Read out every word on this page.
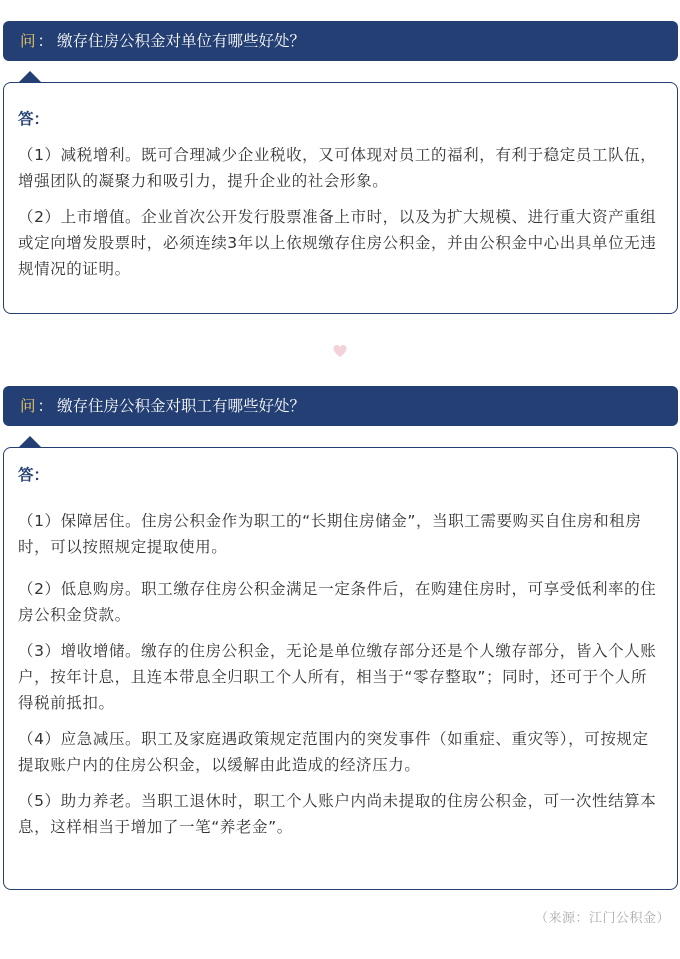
问 ： 缴存住房公积金对单位有哪些好处？
答：

（1）减税增利。既可合理减少企业税收，又可体现对员工的福利，有利于稳定员工队伍，增强团队的凝聚力和吸引力，提升企业的社会形象。

（2）上市增值。企业首次公开发行股票准备上市时，以及为扩大规模、进行重大资产重组或定向增发股票时，必须连续3年以上依规缴存住房公积金，并由公积金中心出具单位无违规情况的证明。

问 ： 缴存住房公积金对职工有哪些好处？
答：

（1）保障居住。住房公积金作为职工的“长期住房储金”，当职工需要购买自住房和租房时，可以按照规定提取使用。

（2）低息购房。职工缴存住房公积金满足一定条件后，在购建住房时，可享受低利率的住房公积金贷款。

（3）增收增储。缴存的住房公积金，无论是单位缴存部分还是个人缴存部分，皆入个人账户，按年计息，且连本带息全归职工个人所有，相当于“零存整取”；同时，还可于个人所得税前抵扣。

（4）应急减压。职工及家庭遇政策规定范围内的突发事件（如重症、重灾等），可按规定提取账户内的住房公积金，以缓解由此造成的经济压力。

（5）助力养老。当职工退休时，职工个人账户内尚未提取的住房公积金，可一次性结算本息，这样相当于增加了一笔“养老金”。

（来源：江门公积金）
